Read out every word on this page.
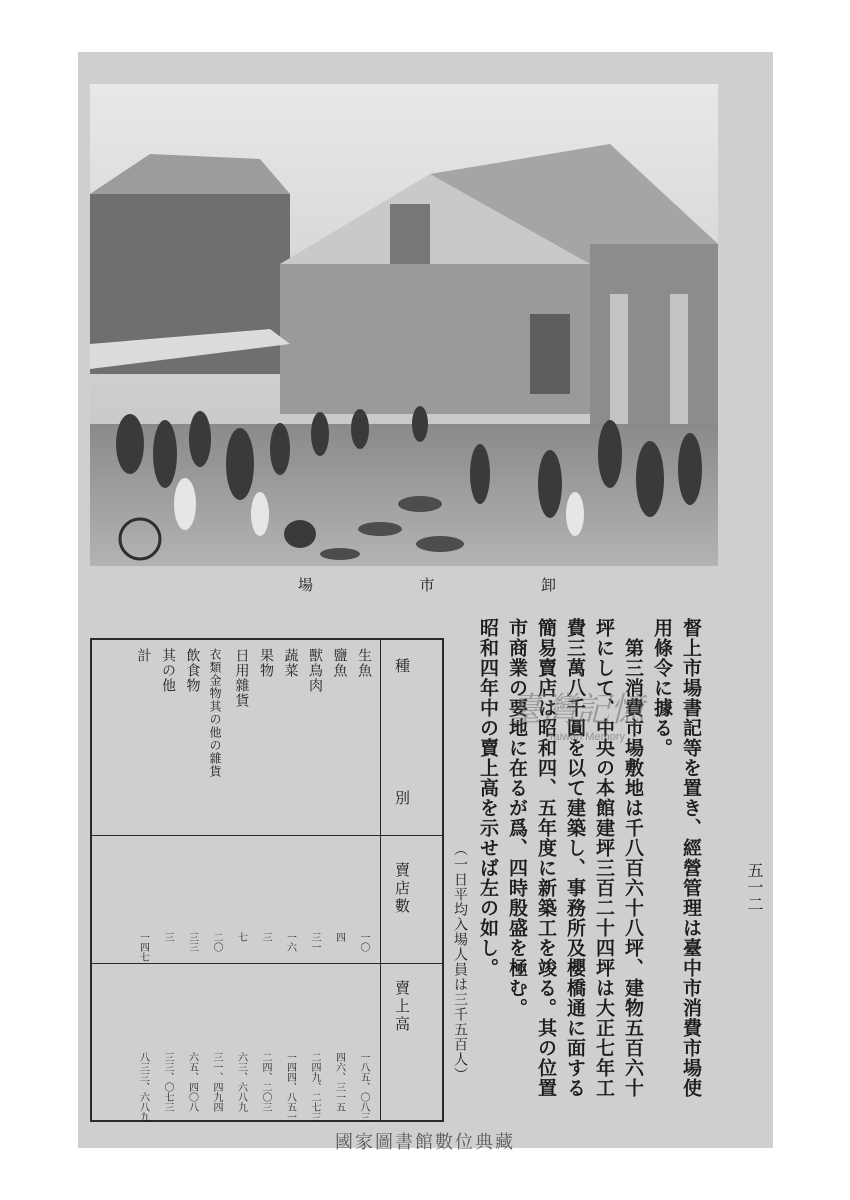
場	市	卸
五一二
督上市場書記等を置き、經營管理は臺中市消費市場使
用條令に據る。
　第三消費市場敷地は千八百六十八坪、建物五百六十
坪にして、中央の本館建坪三百二十四坪は大正七年工
費三萬八千圓を以て建築し、事務所及櫻橋通に面する
簡易賣店は昭和四、五年度に新築工を竣る。其の位置
市商業の要地に在るが爲、四時殷盛を極む。
昭和四年中の賣上高を示せば左の如し。
（一日平均入場人員は三千五百人）
種
別
賣店數
賣上高
生魚
一〇
一八五、〇八三
鹽魚
四
四六、三一五
獸鳥肉
三一
二四九、二七三
蔬菜
一六
一四四、八五一
果物
三
二四、二〇三
日用雜貨
七
六三、六八九
衣類金物其の他の雜貨
二〇
三一、四九四
飲食物
三三
六五、四〇八
其の他
三
三三、〇七三
計
一四七
八三三、六八九
臺灣記憶
Taiwan Memory
國家圖書館數位典藏
